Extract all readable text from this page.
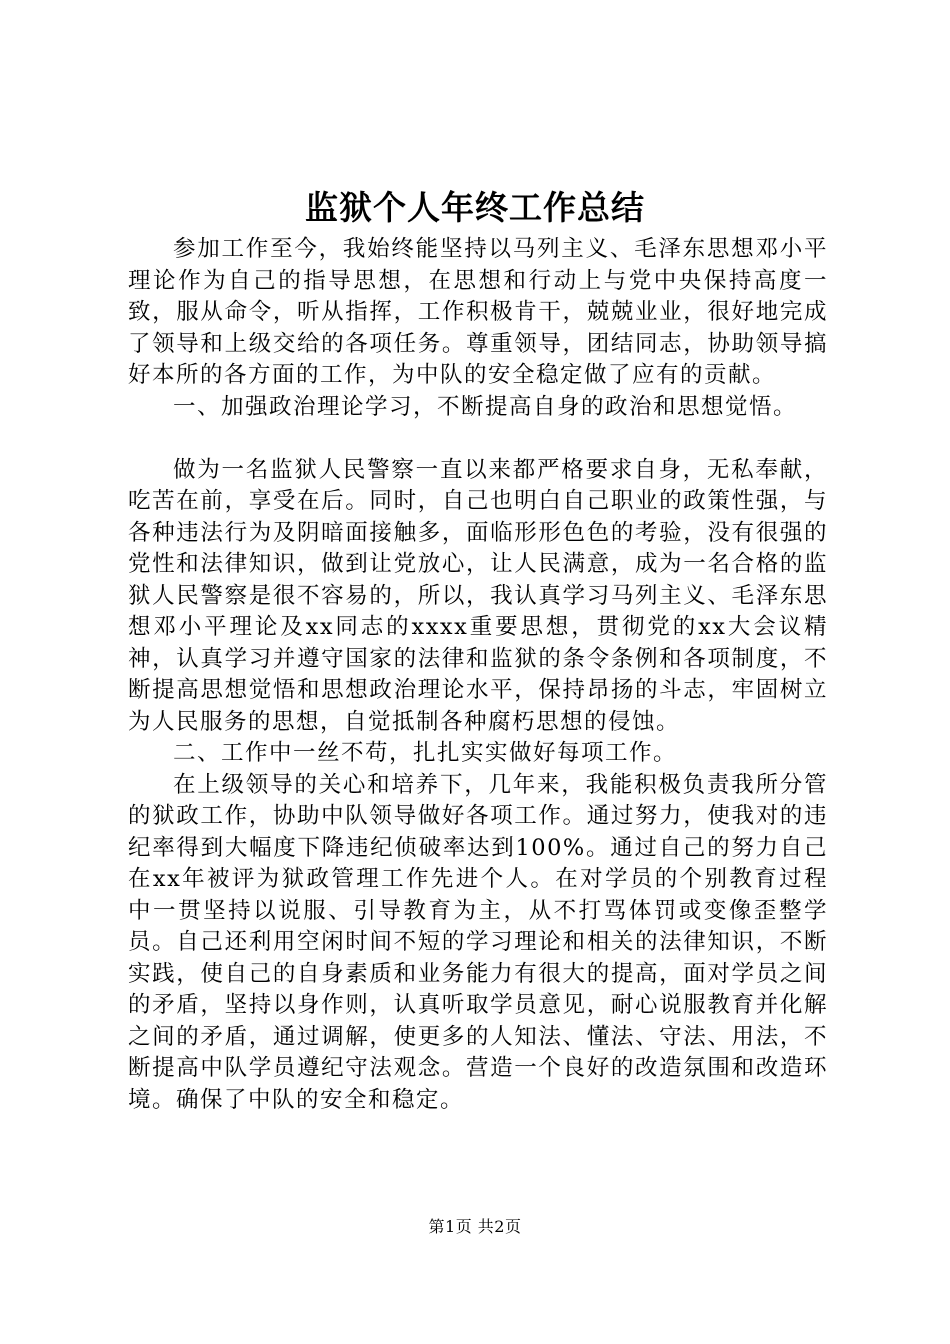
监狱个人年终工作总结

参加工作至今，我始终能坚持以马列主义、毛泽东思想邓小平理论作为自己的指导思想，在思想和行动上与党中央保持高度一致，服从命令，听从指挥，工作积极肯干，兢兢业业，很好地完成了领导和上级交给的各项任务。尊重领导，团结同志，协助领导搞好本所的各方面的工作，为中队的安全稳定做了应有的贡献。

一、加强政治理论学习，不断提高自身的政治和思想觉悟。

做为一名监狱人民警察一直以来都严格要求自身，无私奉献，吃苦在前，享受在后。同时，自己也明白自己职业的政策性强，与各种违法行为及阴暗面接触多，面临形形色色的考验，没有很强的党性和法律知识，做到让党放心，让人民满意，成为一名合格的监狱人民警察是很不容易的，所以，我认真学习马列主义、毛泽东思想邓小平理论及xx同志的xxxx重要思想，贯彻党的xx大会议精神，认真学习并遵守国家的法律和监狱的条令条例和各项制度，不断提高思想觉悟和思想政治理论水平，保持昂扬的斗志，牢固树立为人民服务的思想，自觉抵制各种腐朽思想的侵蚀。

二、工作中一丝不苟，扎扎实实做好每项工作。

在上级领导的关心和培养下，几年来，我能积极负责我所分管的狱政工作，协助中队领导做好各项工作。通过努力，使我对的违纪率得到大幅度下降违纪侦破率达到100%。通过自己的努力自己在xx年被评为狱政管理工作先进个人。在对学员的个别教育过程中一贯坚持以说服、引导教育为主，从不打骂体罚或变像歪整学员。自己还利用空闲时间不短的学习理论和相关的法律知识，不断实践，使自己的自身素质和业务能力有很大的提高，面对学员之间的矛盾，坚持以身作则，认真听取学员意见，耐心说服教育并化解之间的矛盾，通过调解，使更多的人知法、懂法、守法、用法，不断提高中队学员遵纪守法观念。营造一个良好的改造氛围和改造环境。确保了中队的安全和稳定。

第1页 共2页
